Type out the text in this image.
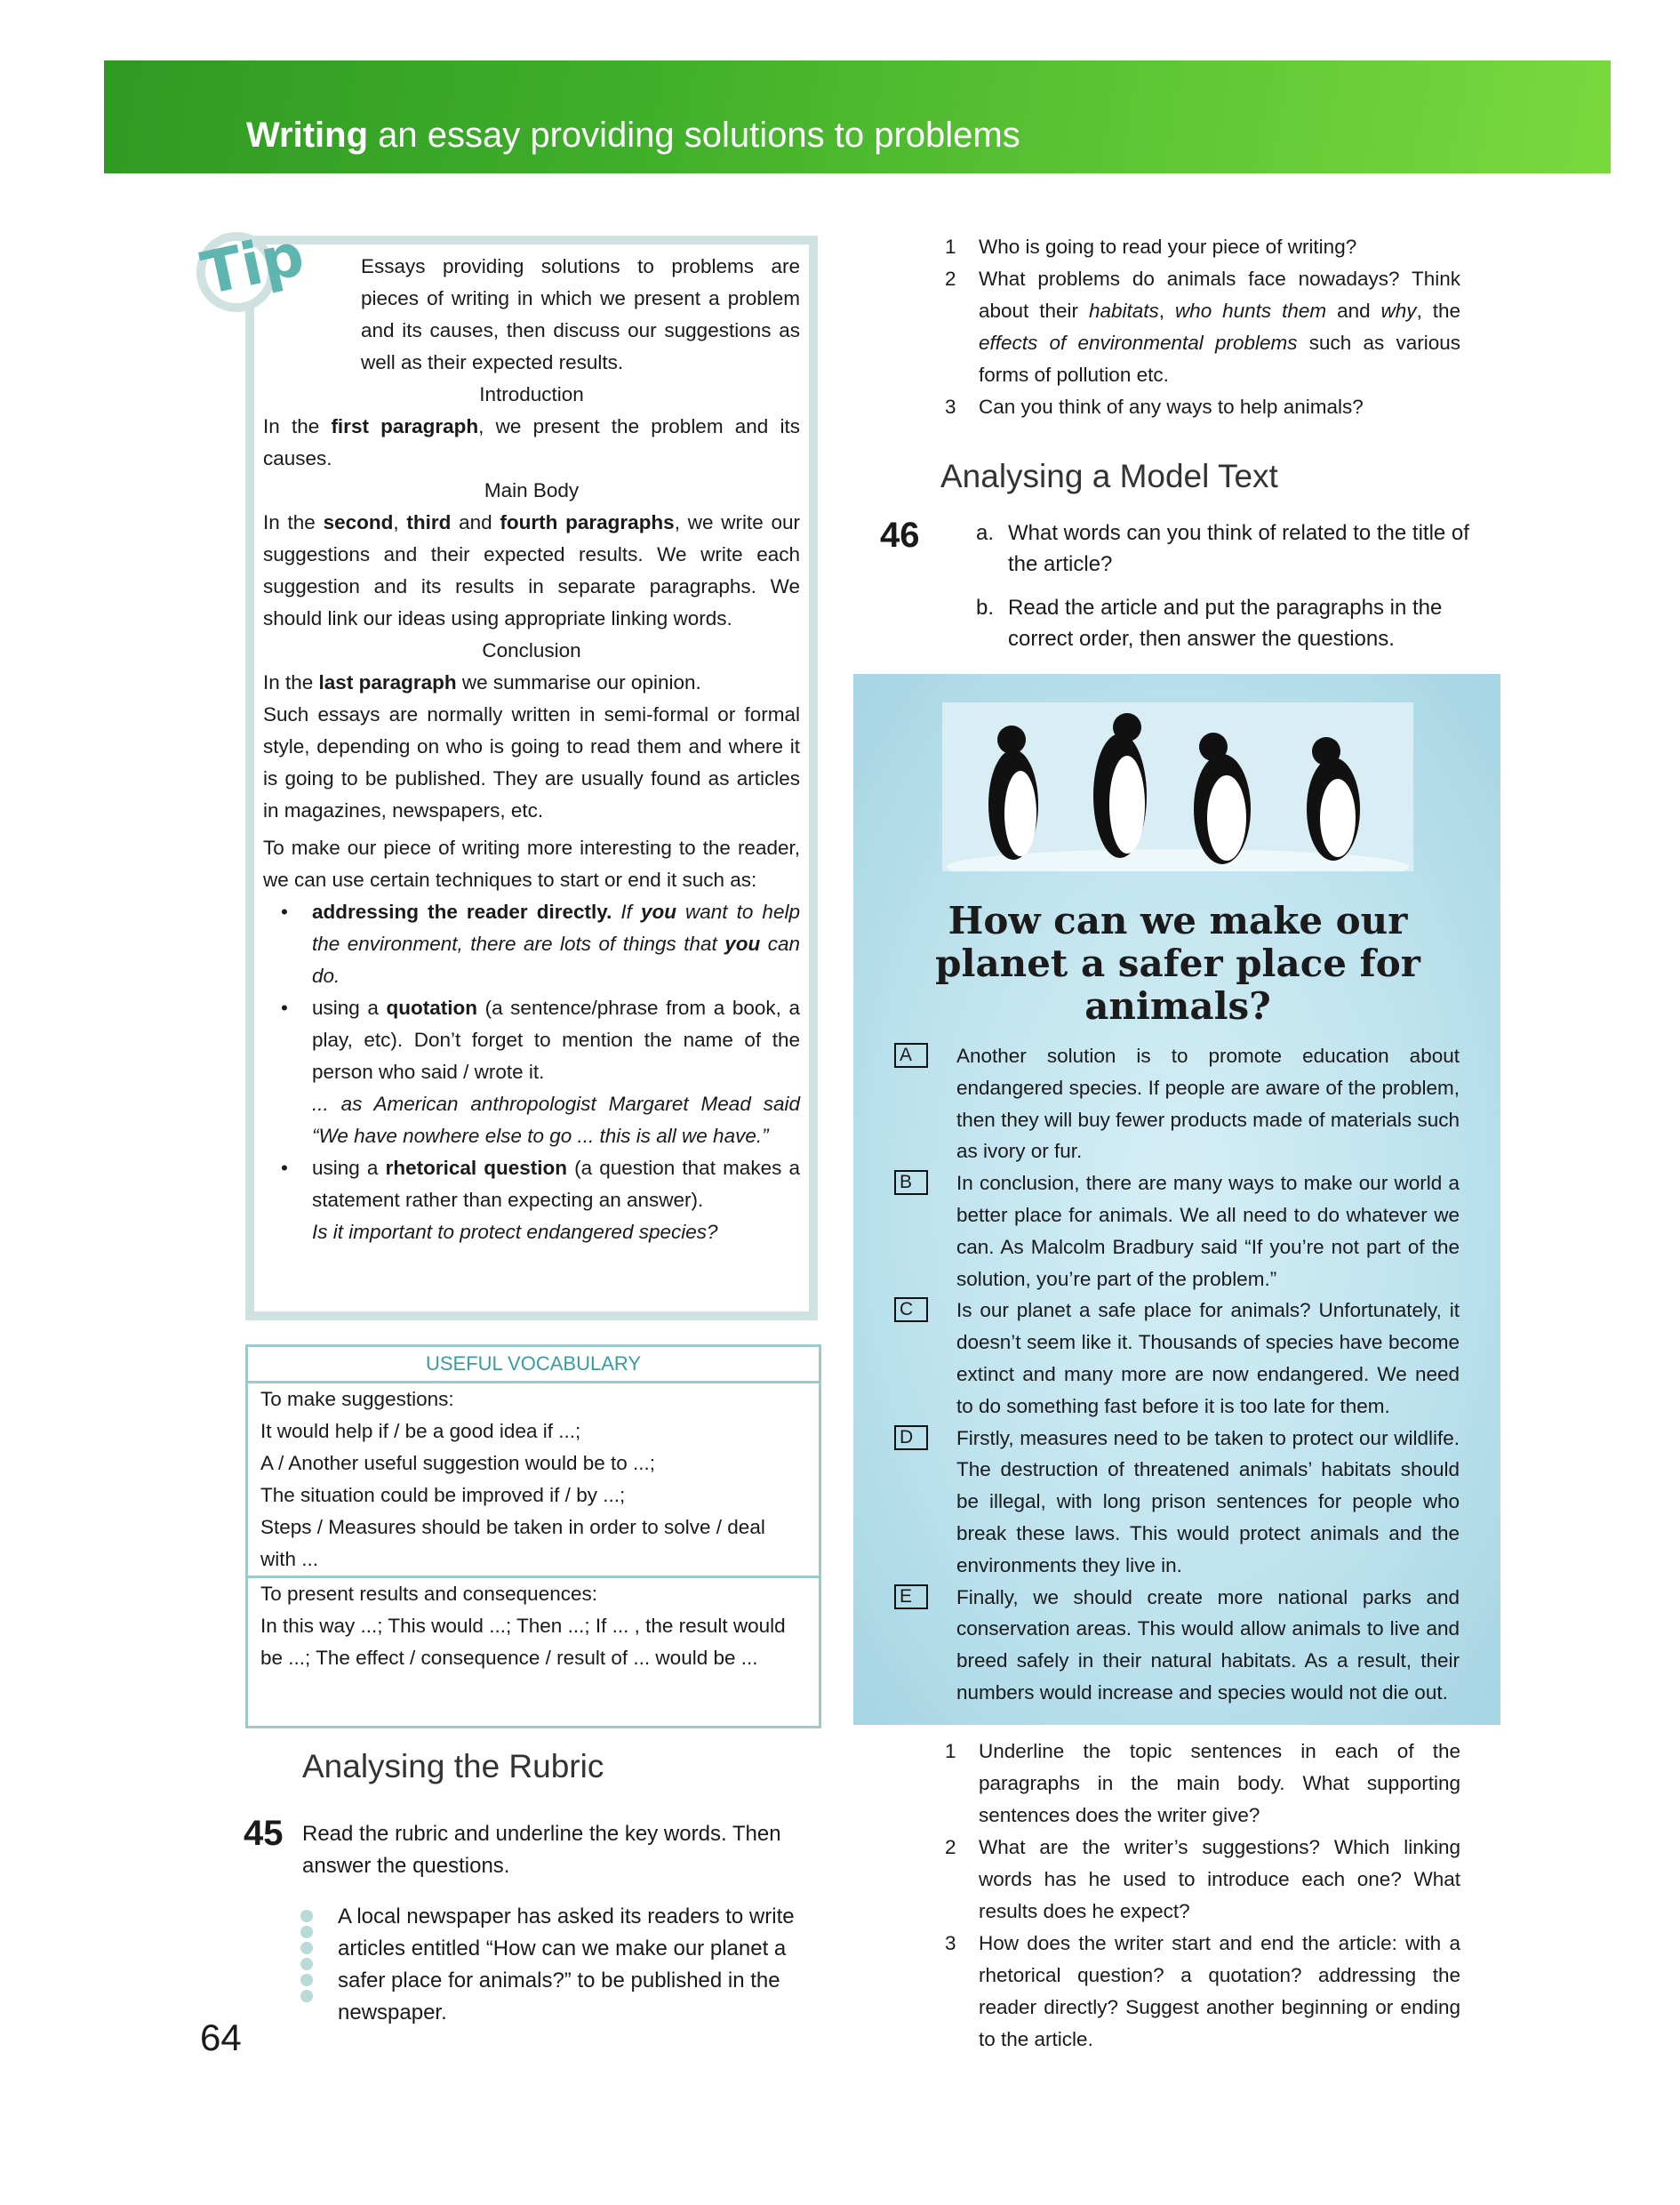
Writing an essay providing solutions to problems
Tip	Essays providing solutions to problems are pieces of writing in which we present a problem and its causes, then discuss our suggestions as well as their expected results.

Introduction

In the first paragraph, we present the problem and its causes.

Main Body

In the second, third and fourth paragraphs, we write our suggestions and their expected results. We write each suggestion and its results in separate paragraphs. We should link our ideas using appropriate linking words.

Conclusion

In the last paragraph we summarise our opinion.

Such essays are normally written in semi-formal or formal style, depending on who is going to read them and where it is going to be published. They are usually found as articles in magazines, newspapers, etc.

To make our piece of writing more interesting to the reader, we can use certain techniques to start or end it such as:

• addressing the reader directly. If you want to help the environment, there are lots of things that you can do.
• using a quotation (a sentence/phrase from a book, a play, etc). Don’t forget to mention the name of the person who said / wrote it.
... as American anthropologist Margaret Mead said “We have nowhere else to go ... this is all we have.”
• using a rhetorical question (a question that makes a statement rather than expecting an answer).
Is it important to protect endangered species?
USEFUL VOCABULARY
To make suggestions:
It would help if / be a good idea if ...;
A / Another useful suggestion would be to ...;
The situation could be improved if / by ...;
Steps / Measures should be taken in order to solve / deal with ...
To present results and consequences:
In this way ...; This would ...; Then ...; If ... , the result would be ...; The effect / consequence / result of ... would be ...
Analysing the Rubric
45 Read the rubric and underline the key words. Then answer the questions.
A local newspaper has asked its readers to write articles entitled “How can we make our planet a safer place for animals?” to be published in the newspaper.
64
1	Who is going to read your piece of writing?
2	What problems do animals face nowadays? Think about their habitats, who hunts them and why, the effects of environmental problems such as various forms of pollution etc.
3	Can you think of any ways to help animals?
Analysing a Model Text
46	a. What words can you think of related to the title of the article?
b. Read the article and put the paragraphs in the correct order, then answer the questions.
How can we make our planet a safer place for animals?
A	Another solution is to promote education about endangered species. If people are aware of the problem, then they will buy fewer products made of materials such as ivory or fur.
B	In conclusion, there are many ways to make our world a better place for animals. We all need to do whatever we can. As Malcolm Bradbury said “If you’re not part of the solution, you’re part of the problem.”
C	Is our planet a safe place for animals? Unfortunately, it doesn’t seem like it. Thousands of species have become extinct and many more are now endangered. We need to do something fast before it is too late for them.
D	Firstly, measures need to be taken to protect our wildlife. The destruction of threatened animals’ habitats should be illegal, with long prison sentences for people who break these laws. This would protect animals and the environments they live in.
E	Finally, we should create more national parks and conservation areas. This would allow animals to live and breed safely in their natural habitats. As a result, their numbers would increase and species would not die out.
1	Underline the topic sentences in each of the paragraphs in the main body. What supporting sentences does the writer give?
2	What are the writer’s suggestions? Which linking words has he used to introduce each one? What results does he expect?
3	How does the writer start and end the article: with a rhetorical question? a quotation? addressing the reader directly? Suggest another beginning or ending to the article.
